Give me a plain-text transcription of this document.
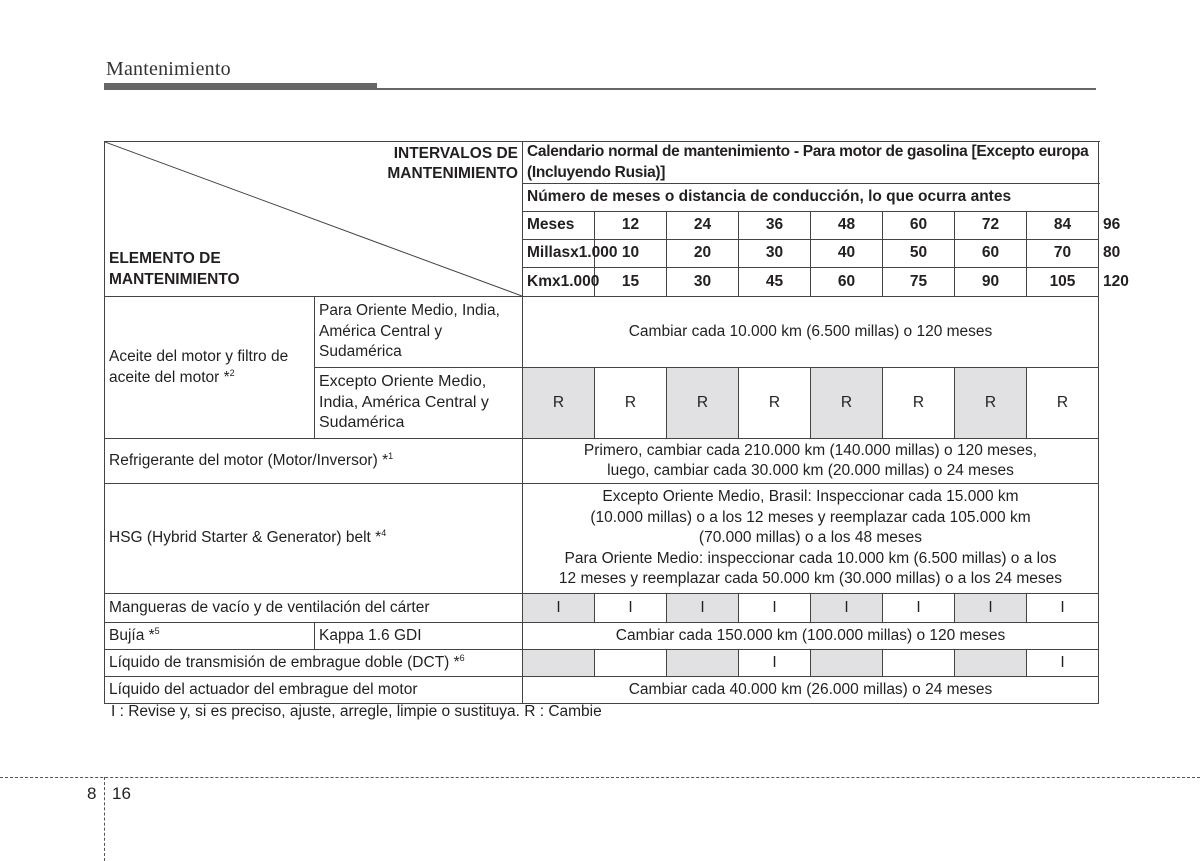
Mantenimiento
INTERVALOS DE
MANTENIMIENTO
ELEMENTO DE
MANTENIMIENTO		Calendario normal de mantenimiento - Para motor de gasolina [Excepto europa (Incluyendo Rusia)]								
		Número de meses o distancia de conducción, lo que ocurra antes								
		Meses	12	24	36	48	60	72	84	96
		Millasx1.000	10	20	30	40	50	60	70	80
		Kmx1.000	15	30	45	60	75	90	105	120
Aceite del motor y filtro de aceite del motor *$^2$	Para Oriente Medio, India,
América Central y
Sudamérica	Cambiar cada 10.000 km (6.500 millas) o 120 meses								

	Excepto Oriente Medio,
India, América Central y
Sudamérica	R	R	R	R	R	R	R	R	
Refrigerante del motor (Motor/Inversor) *$^1$		Primero, cambiar cada 210.000 km (140.000 millas) o 120 meses,
luego, cambiar cada 30.000 km (20.000 millas) o 24 meses								

HSG (Hybrid Starter & Generator) belt *$^4$		Excepto Oriente Medio, Brasil: Inspeccionar cada 15.000 km
(10.000 millas) o a los 12 meses y reemplazar cada 105.000 km
(70.000 millas) o a los 48 meses
Para Oriente Medio: inspeccionar cada 10.000 km (6.500 millas) o a los
12 meses y reemplazar cada 50.000 km (30.000 millas) o a los 24 meses								

Mangueras de vacío y de ventilación del cárter		I	I	I	I	I	I	I	I	
Bujía *$^5$	Kappa 1.6 GDI	Cambiar cada 150.000 km (100.000 millas) o 120 meses								
Líquido de transmisión de embrague doble (DCT) *$^6$					I				I	
Líquido del actuador del embrague del motor		Cambiar cada 40.000 km (26.000 millas) o 24 meses								
I : Revise y, si es preciso, ajuste, arregle, limpie o sustituya. R : Cambie
8 16
